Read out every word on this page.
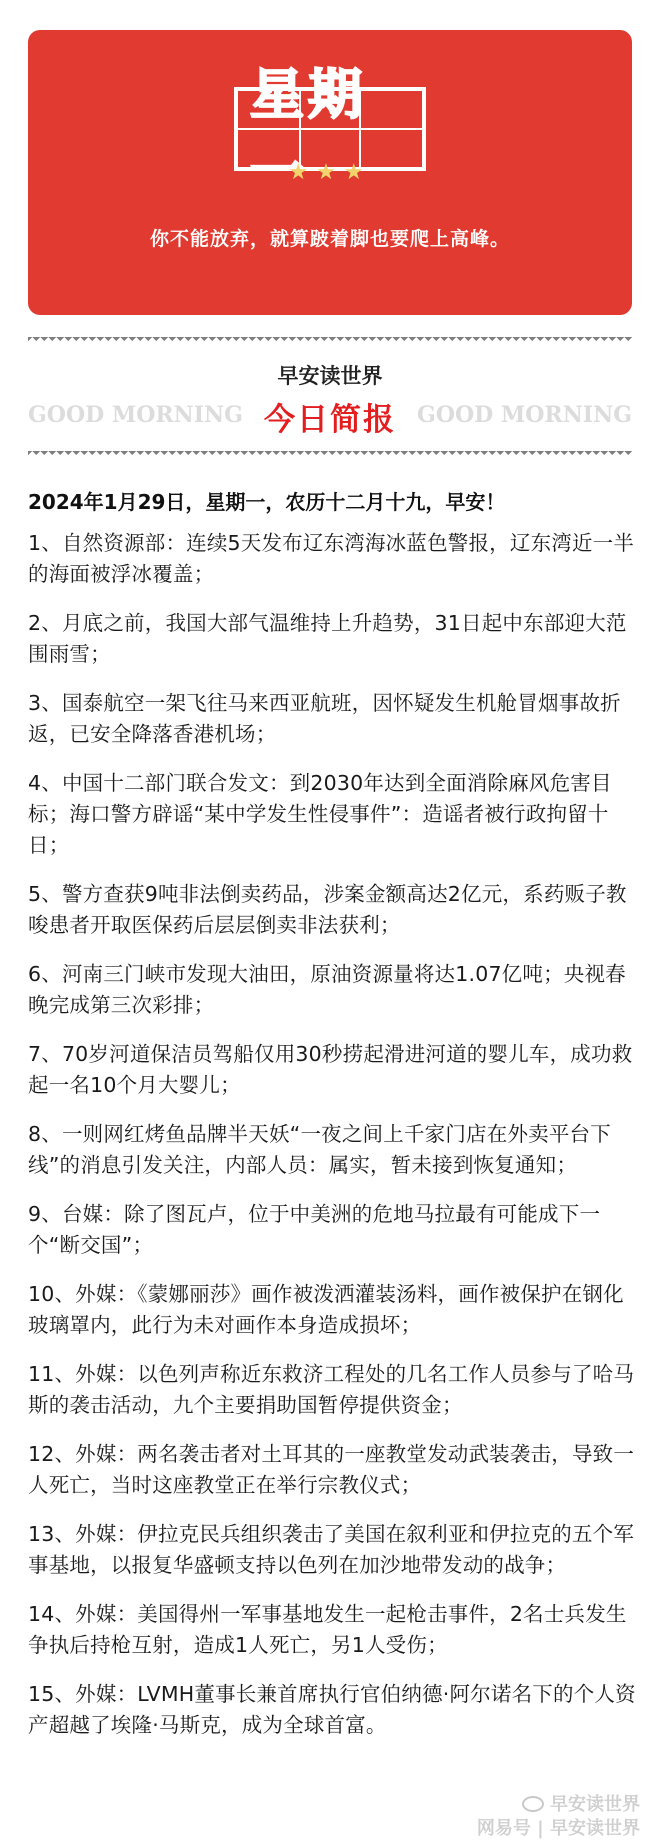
星期一
★★★
你不能放弃，就算跛着脚也要爬上高峰。
早安读世界
GOOD MORNING 今日简报 GOOD MORNING
2024年1月29日，星期一，农历十二月十九，早安！

1、自然资源部：连续5天发布辽东湾海冰蓝色警报，辽东湾近一半的海面被浮冰覆盖；

2、月底之前，我国大部气温维持上升趋势，31日起中东部迎大范围雨雪；

3、国泰航空一架飞往马来西亚航班，因怀疑发生机舱冒烟事故折返，已安全降落香港机场；

4、中国十二部门联合发文：到2030年达到全面消除麻风危害目标；海口警方辟谣“某中学发生性侵事件”：造谣者被行政拘留十日；

5、警方查获9吨非法倒卖药品，涉案金额高达2亿元，系药贩子教唆患者开取医保药后层层倒卖非法获利；

6、河南三门峡市发现大油田，原油资源量将达1.07亿吨；央视春晚完成第三次彩排；

7、70岁河道保洁员驾船仅用30秒捞起滑进河道的婴儿车，成功救起一名10个月大婴儿；

8、一则网红烤鱼品牌半天妖“一夜之间上千家门店在外卖平台下线”的消息引发关注，内部人员：属实，暂未接到恢复通知；

9、台媒：除了图瓦卢，位于中美洲的危地马拉最有可能成下一个“断交国”；

10、外媒：《蒙娜丽莎》画作被泼洒灌装汤料，画作被保护在钢化玻璃罩内，此行为未对画作本身造成损坏；

11、外媒：以色列声称近东救济工程处的几名工作人员参与了哈马斯的袭击活动，九个主要捐助国暂停提供资金；

12、外媒：两名袭击者对土耳其的一座教堂发动武装袭击，导致一人死亡，当时这座教堂正在举行宗教仪式；

13、外媒：伊拉克民兵组织袭击了美国在叙利亚和伊拉克的五个军事基地，以报复华盛顿支持以色列在加沙地带发动的战争；

14、外媒：美国得州一军事基地发生一起枪击事件，2名士兵发生争执后持枪互射，造成1人死亡，另1人受伤；

15、外媒：LVMH董事长兼首席执行官伯纳德·阿尔诺名下的个人资产超越了埃隆·马斯克，成为全球首富。

早安读世界
网易号 | 早安读世界
